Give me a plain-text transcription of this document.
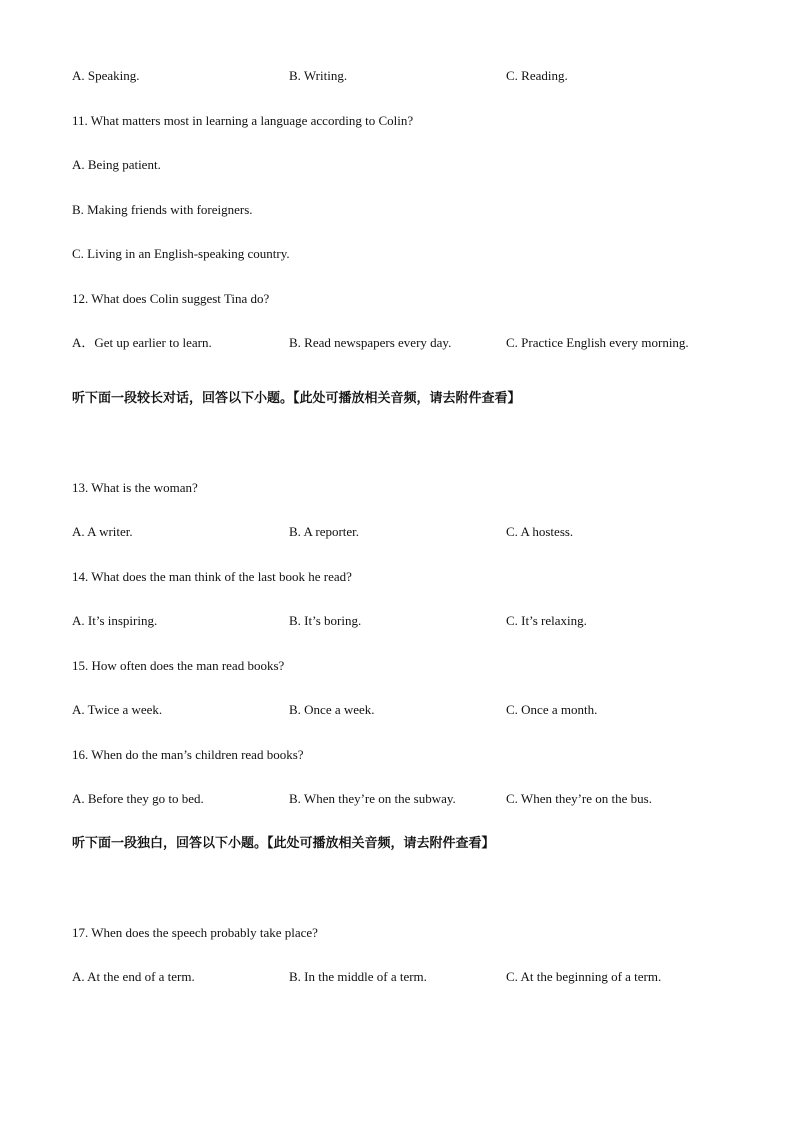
A. Speaking.	B. Writing.	C. Reading.
11. What matters most in learning a language according to Colin?
A. Being patient.
B. Making friends with foreigners.
C. Living in an English-speaking country.
12. What does Colin suggest Tina do?
A．Get up earlier to learn.	B. Read newspapers every day.	C. Practice English every morning.
听下面一段较长对话，回答以下小题。【此处可播放相关音频，请去附件查看】
13. What is the woman?
A. A writer.	B. A reporter.	C. A hostess.
14. What does the man think of the last book he read?
A. It’s inspiring.	B. It’s boring.	C. It’s relaxing.
15. How often does the man read books?
A. Twice a week.	B. Once a week.	C. Once a month.
16. When do the man’s children read books?
A. Before they go to bed.	B. When they’re on the subway.	C. When they’re on the bus.
听下面一段独白，回答以下小题。【此处可播放相关音频，请去附件查看】
17. When does the speech probably take place?
A. At the end of a term.	B. In the middle of a term.	C. At the beginning of a term.
